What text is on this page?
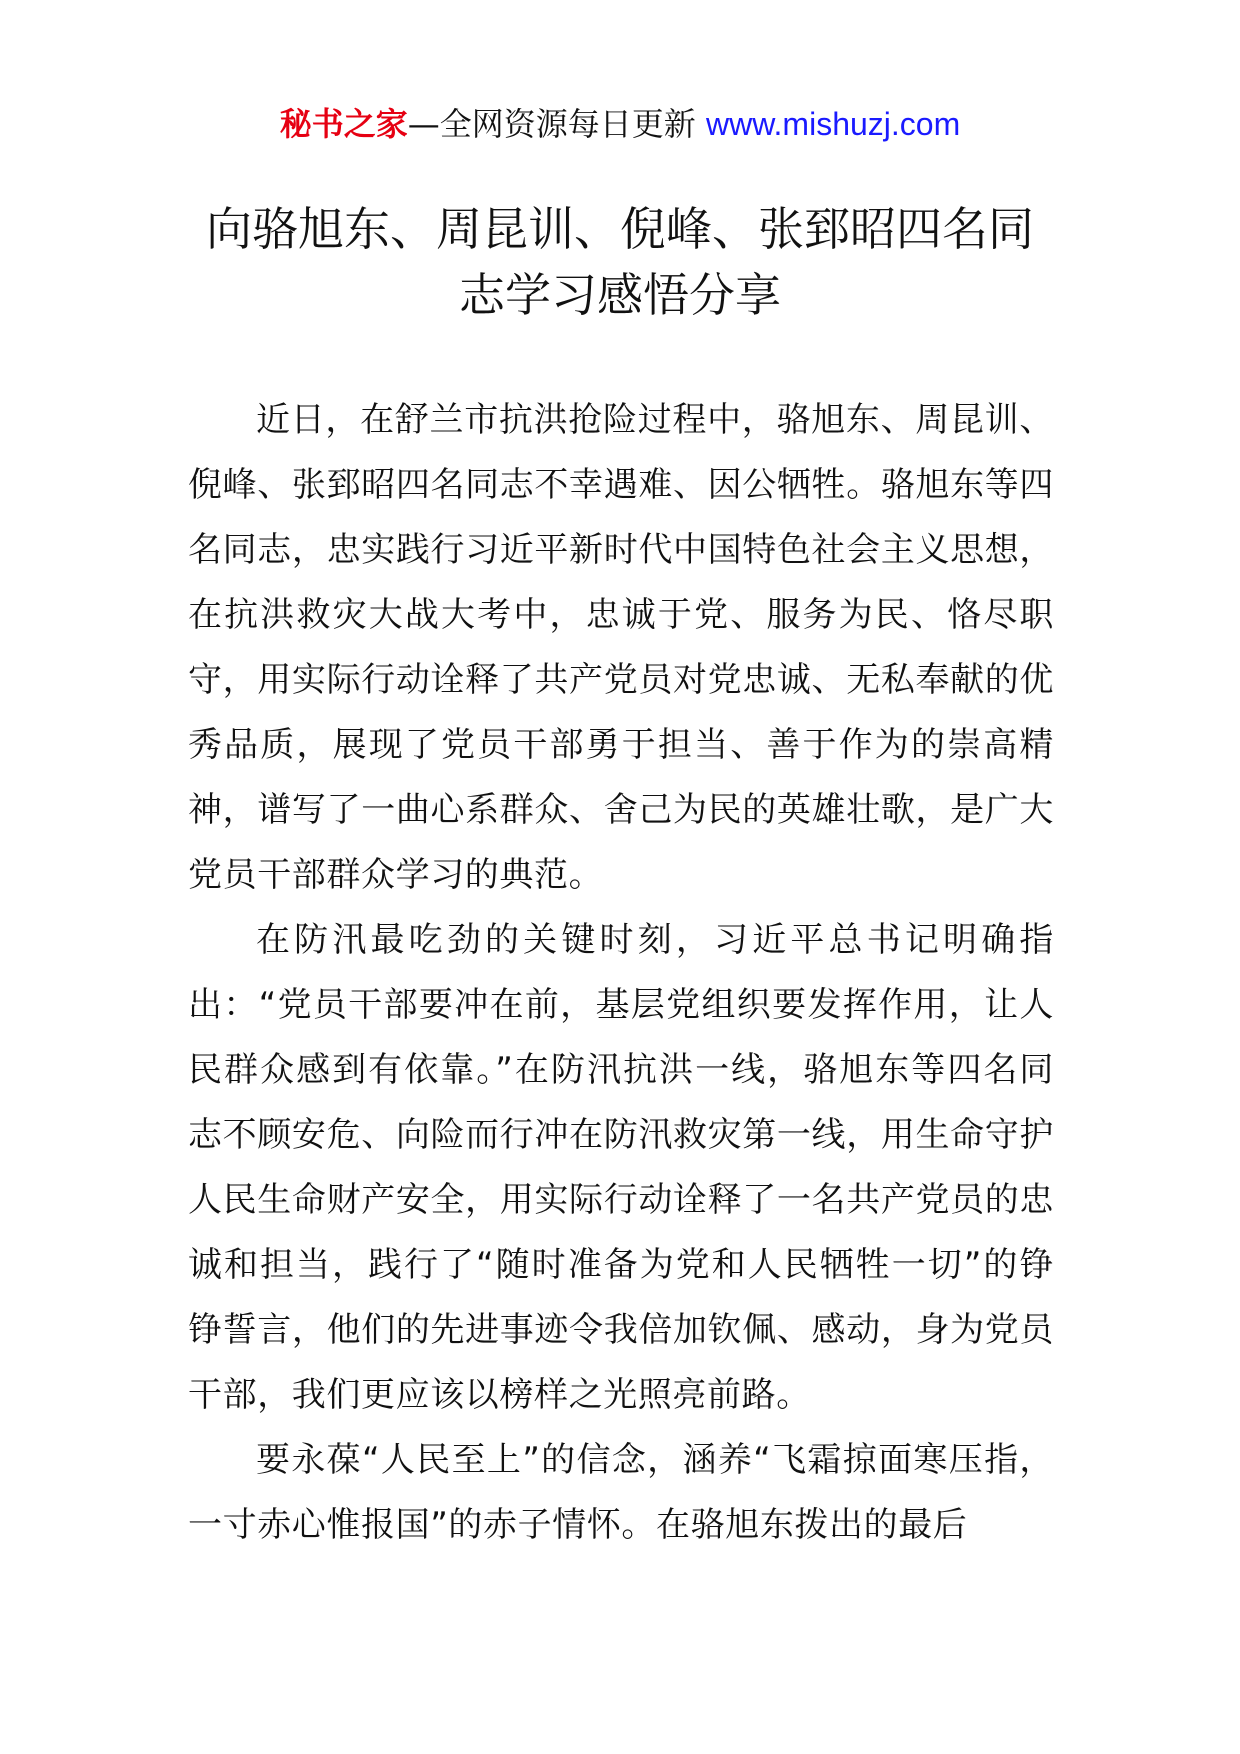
秘书之家—全网资源每日更新 www.mishuzj.com
向骆旭东、周昆训、倪峰、张郅昭四名同
志学习感悟分享

近日，在舒兰市抗洪抢险过程中，骆旭东、周昆训、倪峰、张郅昭四名同志不幸遇难、因公牺牲。骆旭东等四名同志，忠实践行习近平新时代中国特色社会主义思想，在抗洪救灾大战大考中，忠诚于党、服务为民、恪尽职守，用实际行动诠释了共产党员对党忠诚、无私奉献的优秀品质，展现了党员干部勇于担当、善于作为的崇高精神，谱写了一曲心系群众、舍己为民的英雄壮歌，是广大党员干部群众学习的典范。

在防汛最吃劲的关键时刻，习近平总书记明确指出：“党员干部要冲在前，基层党组织要发挥作用，让人民群众感到有依靠。”在防汛抗洪一线，骆旭东等四名同志不顾安危、向险而行冲在防汛救灾第一线，用生命守护人民生命财产安全，用实际行动诠释了一名共产党员的忠诚和担当，践行了“随时准备为党和人民牺牲一切”的铮铮誓言，他们的先进事迹令我倍加钦佩、感动，身为党员干部，我们更应该以榜样之光照亮前路。

要永葆“人民至上”的信念，涵养“飞霜掠面寒压指，一寸赤心惟报国”的赤子情怀。在骆旭东拨出的最后
